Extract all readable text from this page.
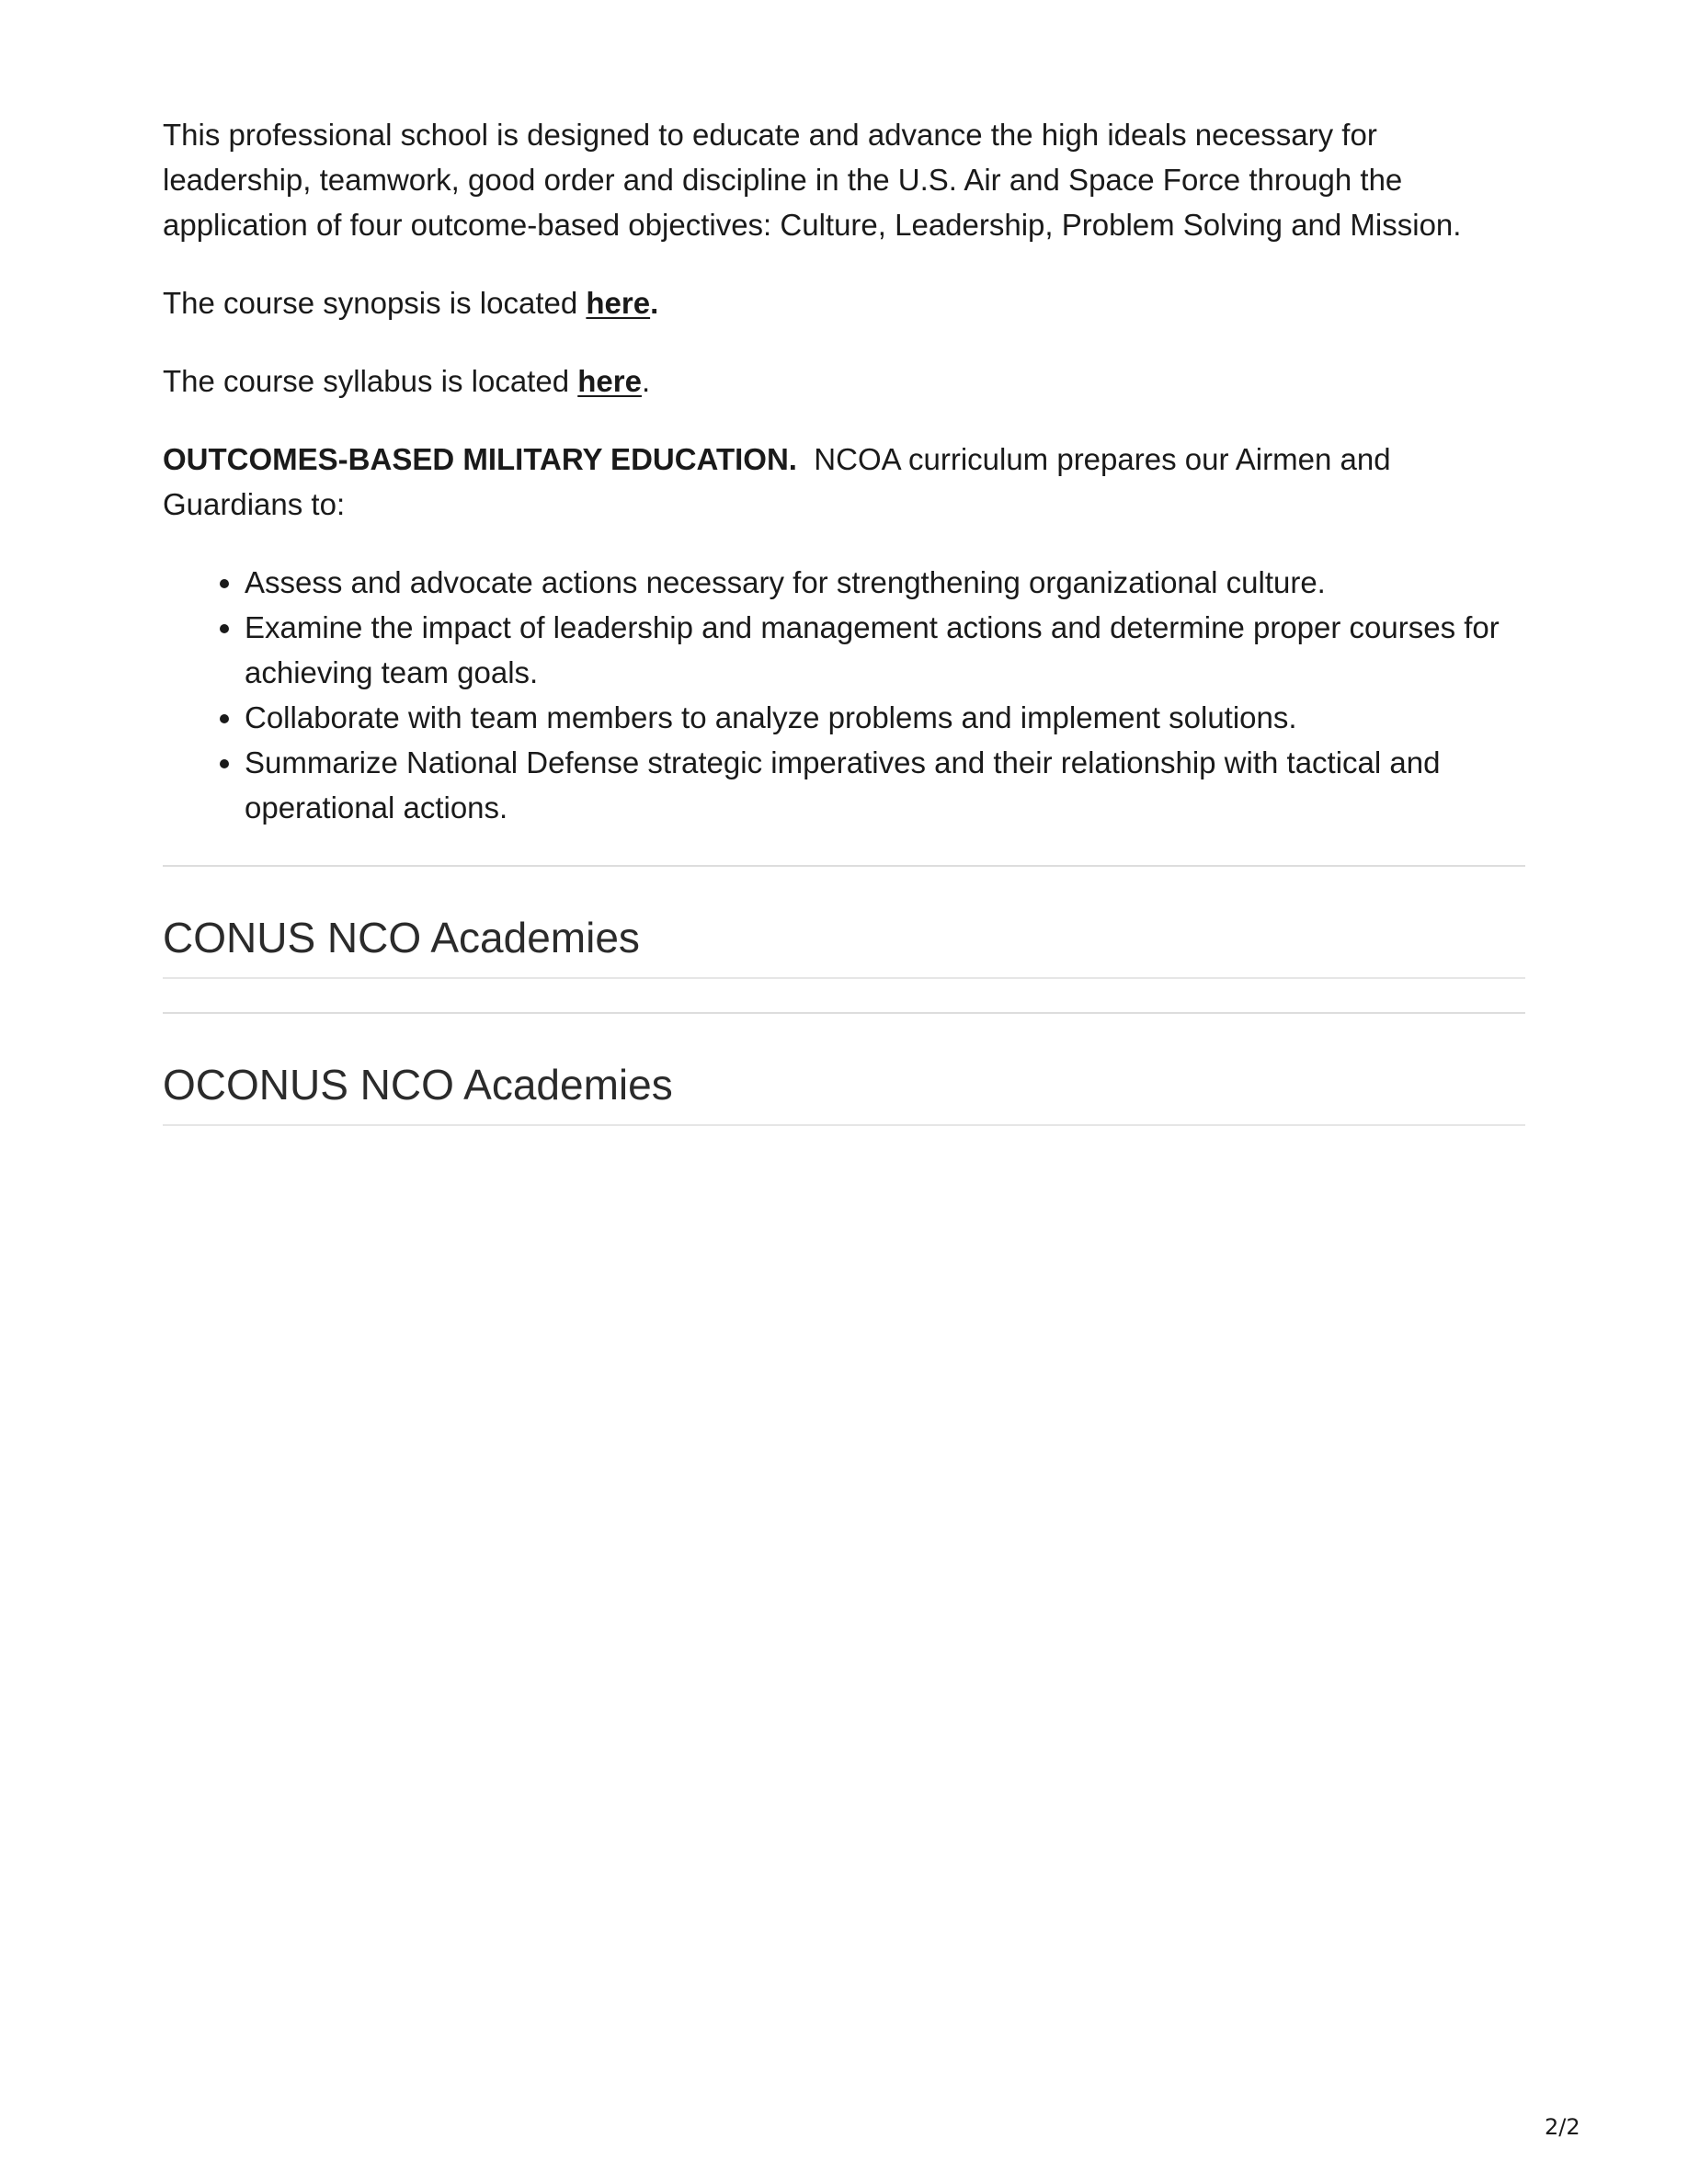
This professional school is designed to educate and advance the high ideals necessary for leadership, teamwork, good order and discipline in the U.S. Air and Space Force through the application of four outcome-based objectives: Culture, Leadership, Problem Solving and Mission.

The course synopsis is located here.

The course syllabus is located here.

OUTCOMES-BASED MILITARY EDUCATION.  NCOA curriculum prepares our Airmen and Guardians to:

• Assess and advocate actions necessary for strengthening organizational culture.
• Examine the impact of leadership and management actions and determine proper courses for achieving team goals.
• Collaborate with team members to analyze problems and implement solutions.
• Summarize National Defense strategic imperatives and their relationship with tactical and operational actions.
CONUS NCO Academies
OCONUS NCO Academies
2/2
